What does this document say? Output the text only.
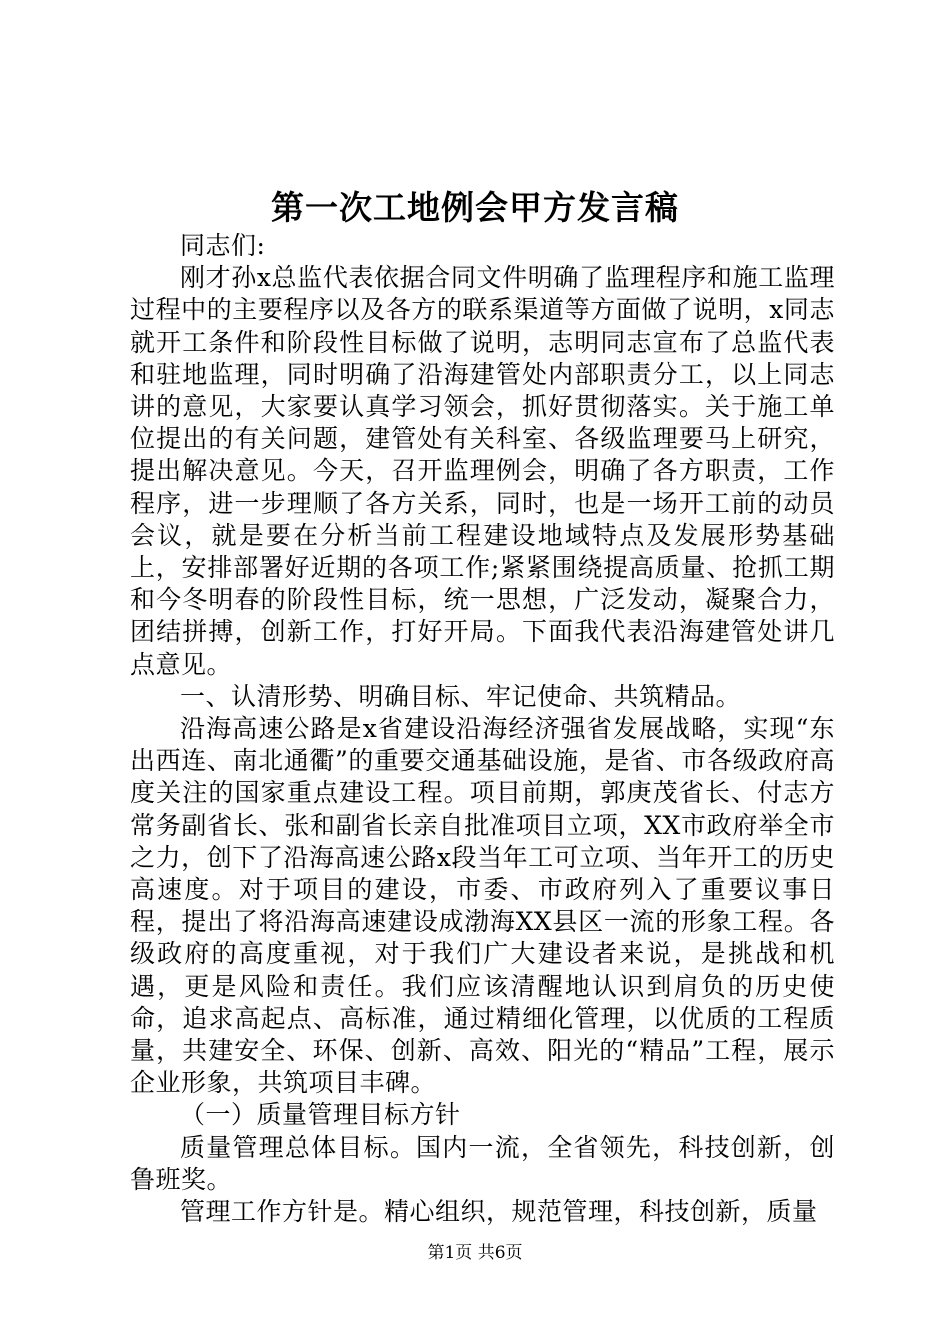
第一次工地例会甲方发言稿

同志们:

刚才孙x总监代表依据合同文件明确了监理程序和施工监理过程中的主要程序以及各方的联系渠道等方面做了说明，x同志就开工条件和阶段性目标做了说明，志明同志宣布了总监代表和驻地监理，同时明确了沿海建管处内部职责分工，以上同志讲的意见，大家要认真学习领会，抓好贯彻落实。关于施工单位提出的有关问题，建管处有关科室、各级监理要马上研究，提出解决意见。今天，召开监理例会，明确了各方职责，工作程序，进一步理顺了各方关系，同时，也是一场开工前的动员会议，就是要在分析当前工程建设地域特点及发展形势基础上，安排部署好近期的各项工作;紧紧围绕提高质量、抢抓工期和今冬明春的阶段性目标，统一思想，广泛发动，凝聚合力，团结拼搏，创新工作，打好开局。下面我代表沿海建管处讲几点意见。

一、认清形势、明确目标、牢记使命、共筑精品。

沿海高速公路是x省建设沿海经济强省发展战略，实现“东出西连、南北通衢”的重要交通基础设施，是省、市各级政府高度关注的国家重点建设工程。项目前期，郭庚茂省长、付志方常务副省长、张和副省长亲自批准项目立项，XX市政府举全市之力，创下了沿海高速公路x段当年工可立项、当年开工的历史高速度。对于项目的建设，市委、市政府列入了重要议事日程，提出了将沿海高速建设成渤海XX县区一流的形象工程。各级政府的高度重视，对于我们广大建设者来说，是挑战和机遇，更是风险和责任。我们应该清醒地认识到肩负的历史使命，追求高起点、高标准，通过精细化管理，以优质的工程质量，共建安全、环保、创新、高效、阳光的“精品”工程，展示企业形象，共筑项目丰碑。

（一）质量管理目标方针

质量管理总体目标。国内一流，全省领先，科技创新，创鲁班奖。

管理工作方针是。精心组织，规范管理，科技创新，质量

第1页 共6页
